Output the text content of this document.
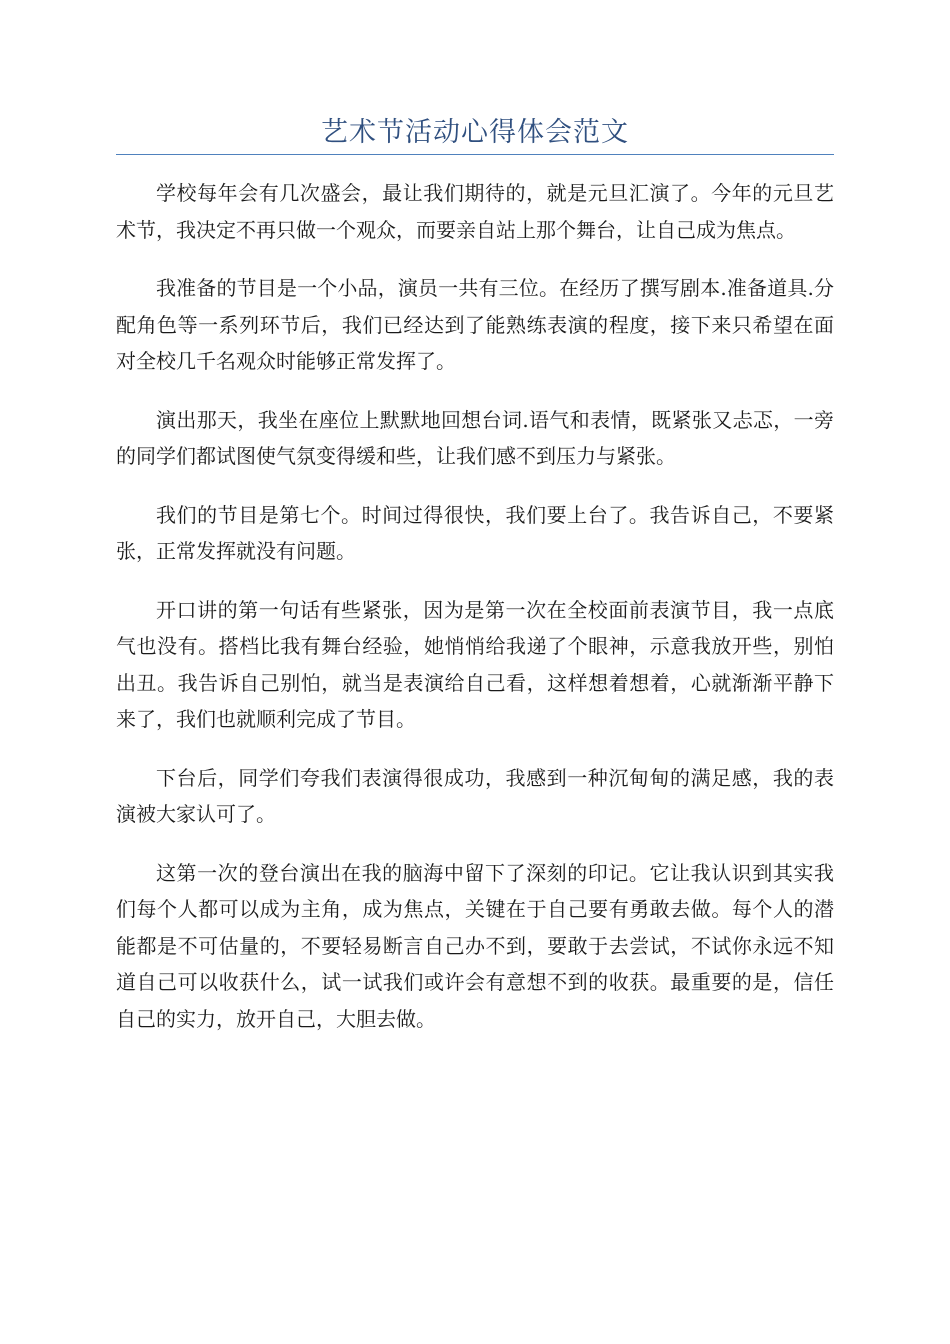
艺术节活动心得体会范文

学校每年会有几次盛会，最让我们期待的，就是元旦汇演了。今年的元旦艺术节，我决定不再只做一个观众，而要亲自站上那个舞台，让自己成为焦点。

我准备的节目是一个小品，演员一共有三位。在经历了撰写剧本.准备道具.分配角色等一系列环节后，我们已经达到了能熟练表演的程度，接下来只希望在面对全校几千名观众时能够正常发挥了。

演出那天，我坐在座位上默默地回想台词.语气和表情，既紧张又忐忑，一旁的同学们都试图使气氛变得缓和些，让我们感不到压力与紧张。

我们的节目是第七个。时间过得很快，我们要上台了。我告诉自己，不要紧张，正常发挥就没有问题。

开口讲的第一句话有些紧张，因为是第一次在全校面前表演节目，我一点底气也没有。搭档比我有舞台经验，她悄悄给我递了个眼神，示意我放开些，别怕出丑。我告诉自己别怕，就当是表演给自己看，这样想着想着，心就渐渐平静下来了，我们也就顺利完成了节目。

下台后，同学们夸我们表演得很成功，我感到一种沉甸甸的满足感，我的表演被大家认可了。

这第一次的登台演出在我的脑海中留下了深刻的印记。它让我认识到其实我们每个人都可以成为主角，成为焦点，关键在于自己要有勇敢去做。每个人的潜能都是不可估量的，不要轻易断言自己办不到，要敢于去尝试，不试你永远不知道自己可以收获什么，试一试我们或许会有意想不到的收获。最重要的是，信任自己的实力，放开自己，大胆去做。
